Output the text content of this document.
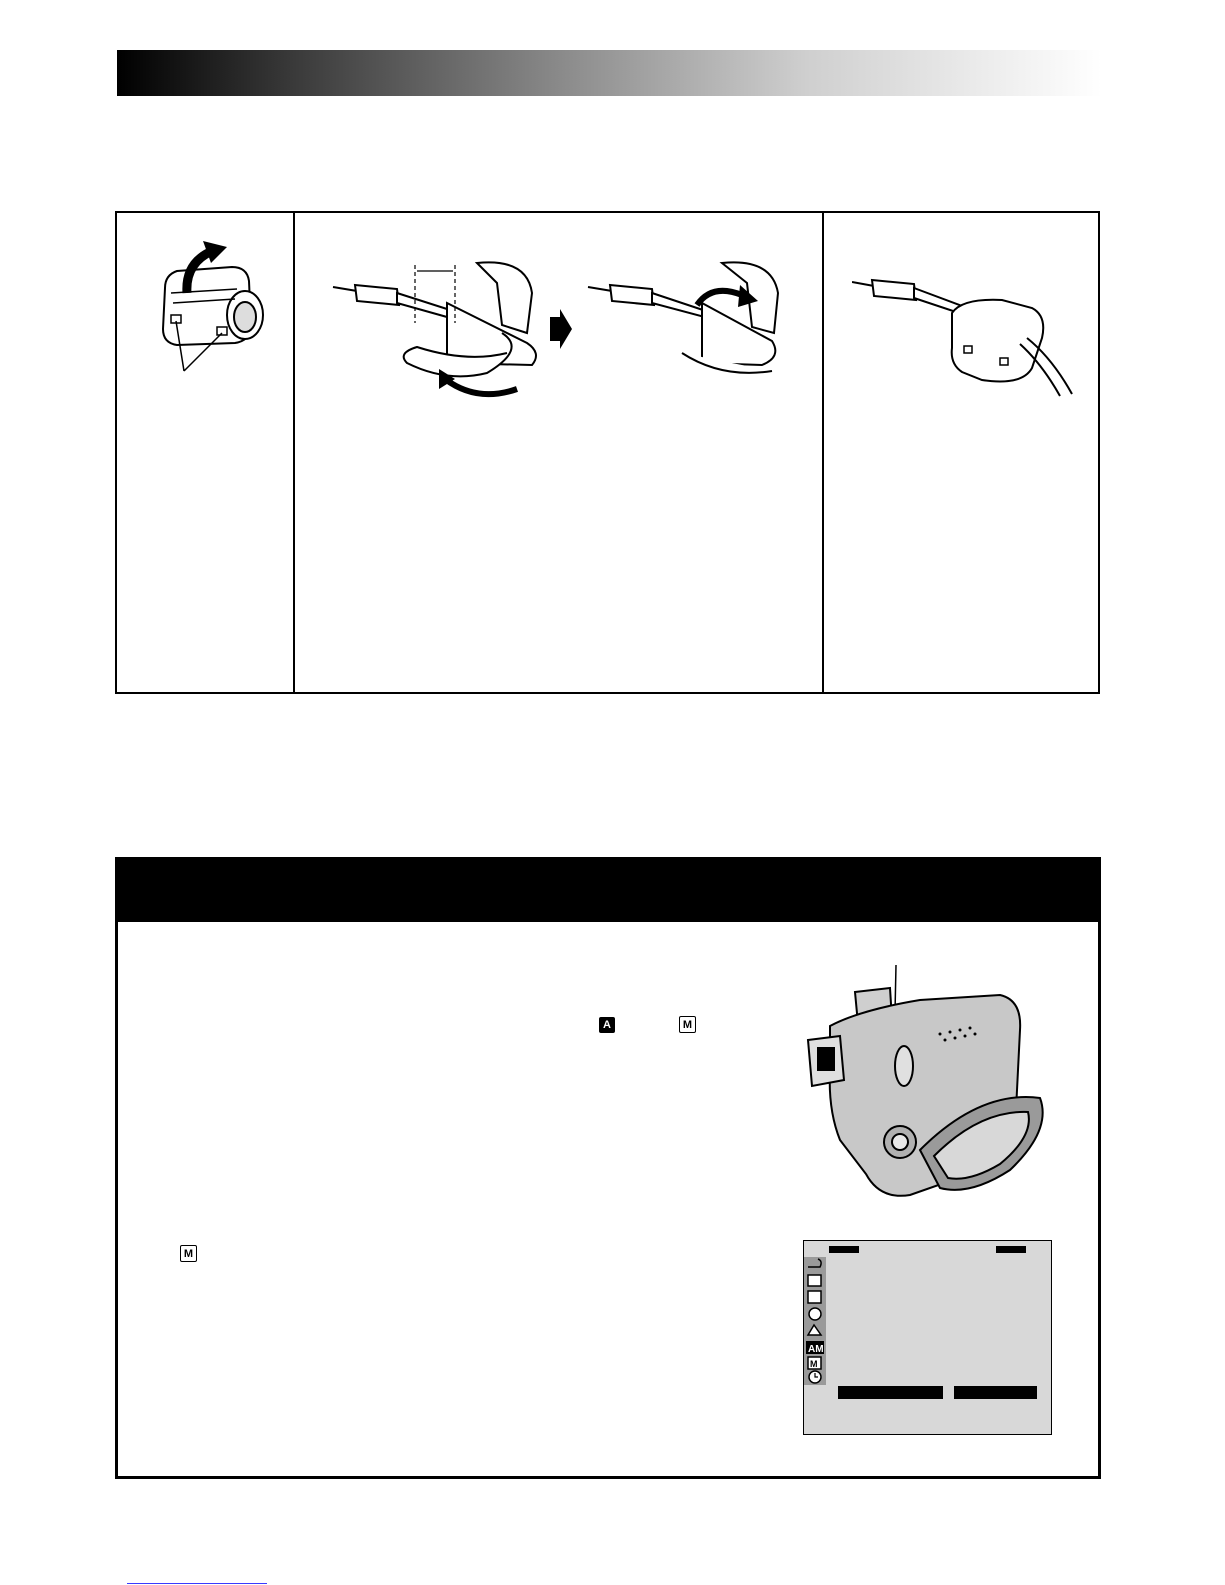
A	M
M
AM
M
